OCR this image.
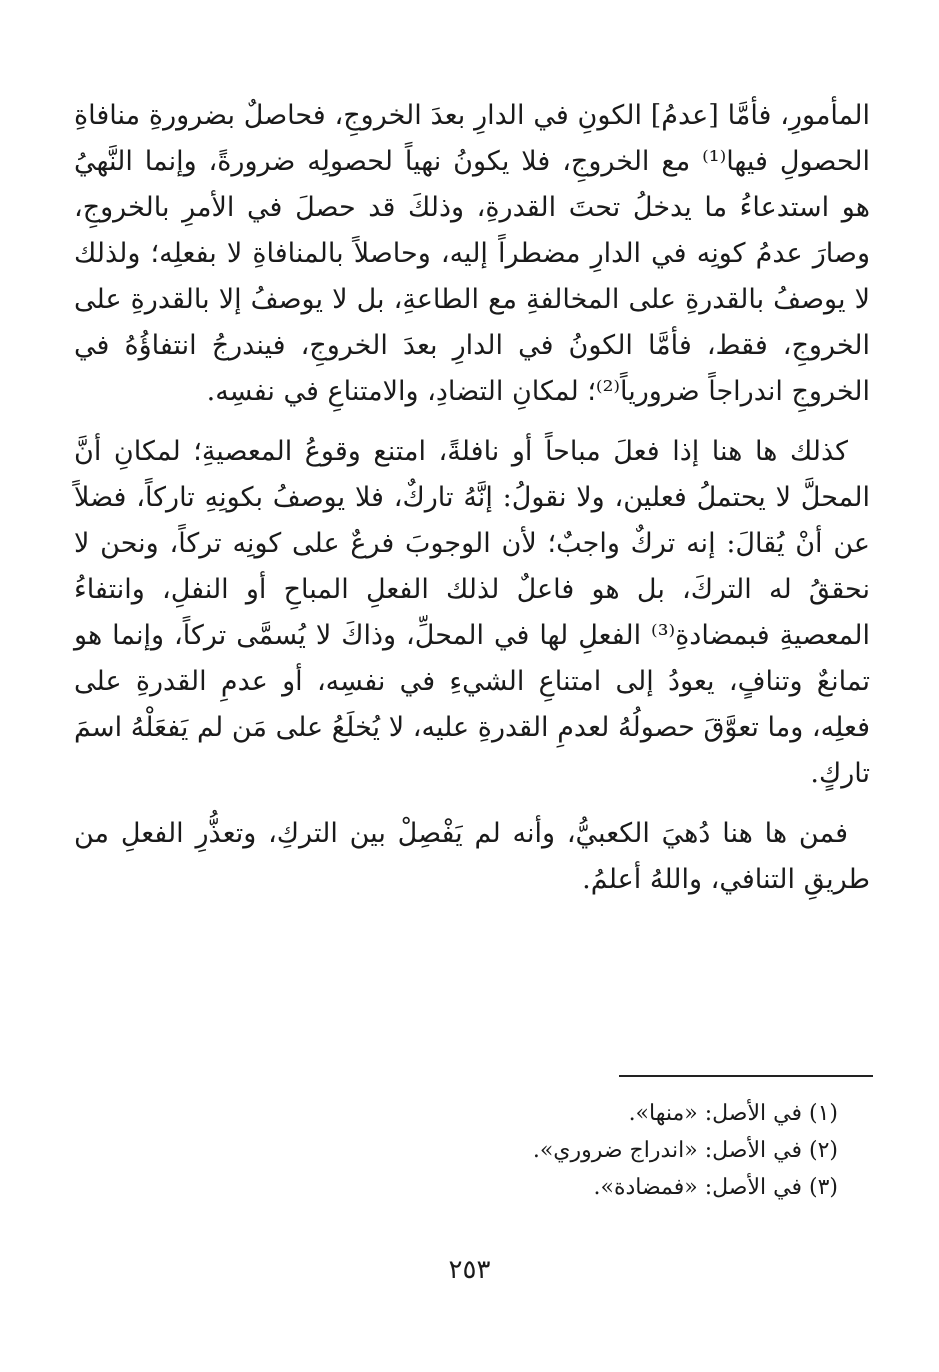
المأمورِ، فأمَّا [عدمُ] الكونِ في الدارِ بعدَ الخروجِ، فحاصلٌ بضرورةِ منافاةِ الحصولِ فيها⁽¹⁾ مع الخروجِ، فلا يكونُ نهياً لحصولِه ضرورةً، وإنما النَّهيُ هو استدعاءُ ما يدخلُ تحتَ القدرةِ، وذلكَ قد حصلَ في الأمرِ بالخروجِ، وصارَ عدمُ كونِه في الدارِ مضطراً إليه، وحاصلاً بالمنافاةِ لا بفعلِه؛ ولذلك لا يوصفُ بالقدرةِ على المخالفةِ مع الطاعةِ، بل لا يوصفُ إلا بالقدرةِ على الخروجِ، فقط، فأمَّا الكونُ في الدارِ بعدَ الخروجِ، فيندرجُ انتفاؤُهُ في الخروجِ اندراجاً ضرورياً⁽²⁾؛ لمكانِ التضادِ، والامتناعِ في نفسِه.

كذلك ها هنا إذا فعلَ مباحاً أو نافلةً، امتنع وقوعُ المعصيةِ؛ لمكانِ أنَّ المحلَّ لا يحتملُ فعلين، ولا نقولُ: إنَّهُ تاركٌ، فلا يوصفُ بكونِهِ تاركاً، فضلاً عن أنْ يُقالَ: إنه تركٌ واجبٌ؛ لأن الوجوبَ فرعٌ على كونِه تركاً، ونحن لا نحققُ له التركَ، بل هو فاعلٌ لذلك الفعلِ المباحِ أو النفلِ، وانتفاءُ المعصيةِ فبمضادةِ⁽³⁾ الفعلِ لها في المحلِّ، وذاكَ لا يُسمَّى تركاً، وإنما هو تمانعٌ وتنافٍ، يعودُ إلى امتناعِ الشيءِ في نفسِه، أو عدمِ القدرةِ على فعلِه، وما تعوَّقَ حصولُهُ لعدمِ القدرةِ عليه، لا يُخلَعُ على مَن لم يَفعَلْهُ اسمَ تاركٍ.

فمن ها هنا دُهيَ الكعبيُّ، وأنه لم يَفْصِلْ بين التركِ، وتعذُّرِ الفعلِ من طريقِ التنافي، واللهُ أعلمُ.

(١) في الأصل: «منها».

(٢) في الأصل: «اندراج ضروري».

(٣) في الأصل: «فمضادة».

٢٥٣
